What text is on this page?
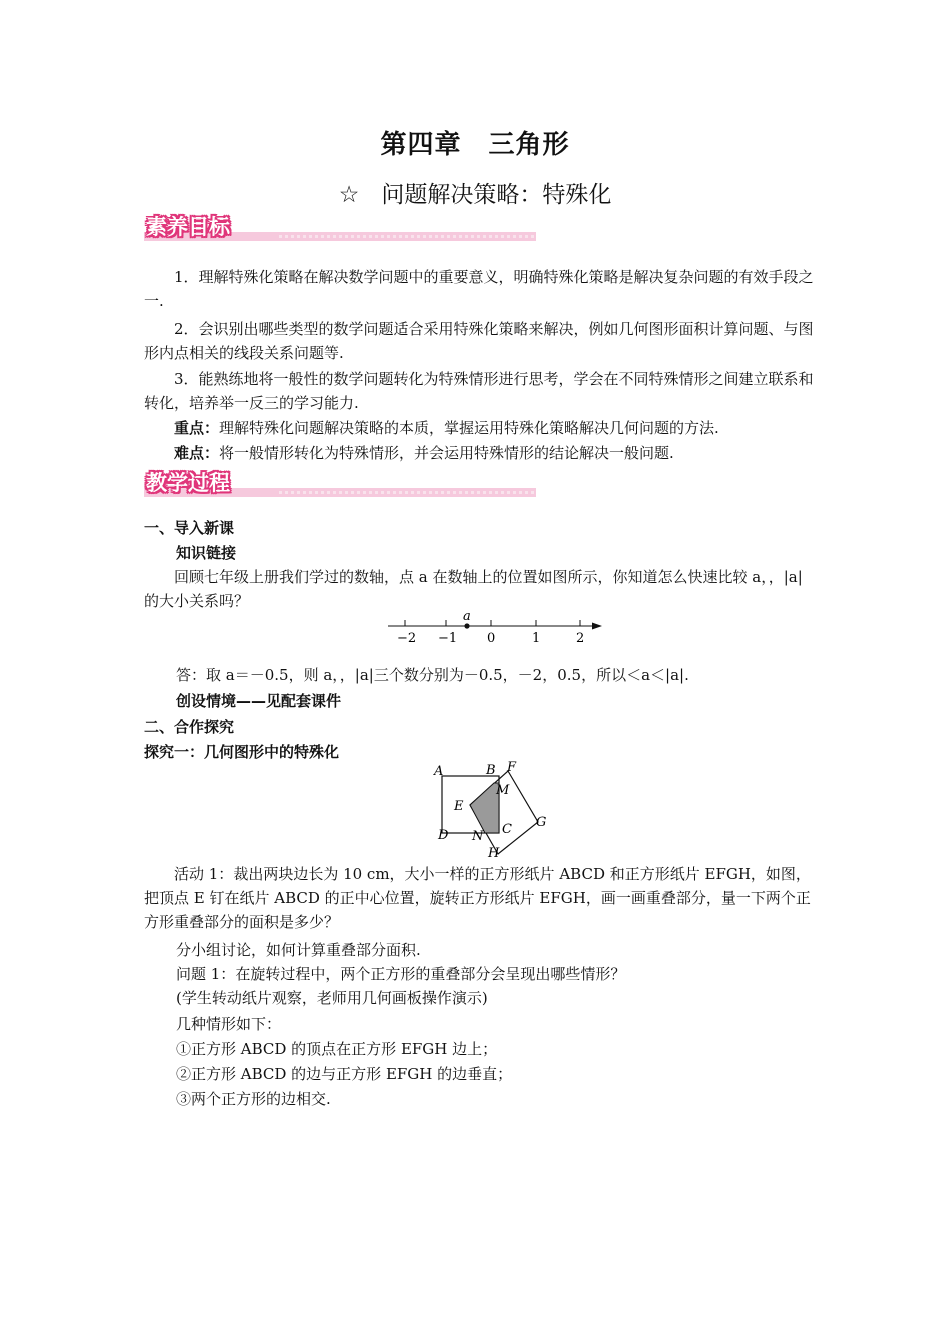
第四章　三角形
☆ 问题解决策略：特殊化
素养目标
1．理解特殊化策略在解决数学问题中的重要意义，明确特殊化策略是解决复杂问题的有效手段之一.
2．会识别出哪些类型的数学问题适合采用特殊化策略来解决，例如几何图形面积计算问题、与图形内点相关的线段关系问题等.
3．能熟练地将一般性的数学问题转化为特殊情形进行思考，学会在不同特殊情形之间建立联系和转化，培养举一反三的学习能力.
重点：理解特殊化问题解决策略的本质，掌握运用特殊化策略解决几何问题的方法.
难点：将一般情形转化为特殊情形，并会运用特殊情形的结论解决一般问题.
教学过程
一、导入新课
知识链接
回顾七年级上册我们学过的数轴，点 a 在数轴上的位置如图所示，你知道怎么快速比较 a，，|a|的大小关系吗？
a
−2 −1 0	1	2
答：取 a＝－0.5，则 a，，|a|三个数分别为－0.5，－2，0.5，所以＜a＜|a|.
创设情境——见配套课件
二、合作探究
探究一：几何图形中的特殊化
A	B F
M
E
G
C
D N
H
活动 1：裁出两块边长为 10 cm，大小一样的正方形纸片 ABCD 和正方形纸片 EFGH，如图，把顶点 E 钉在纸片 ABCD 的正中心位置，旋转正方形纸片 EFGH，画一画重叠部分，量一下两个正方形重叠部分的面积是多少？
分小组讨论，如何计算重叠部分面积.
问题 1：在旋转过程中，两个正方形的重叠部分会呈现出哪些情形？
(学生转动纸片观察，老师用几何画板操作演示)
几种情形如下：
①正方形 ABCD 的顶点在正方形 EFGH 边上；
②正方形 ABCD 的边与正方形 EFGH 的边垂直；
③两个正方形的边相交.
